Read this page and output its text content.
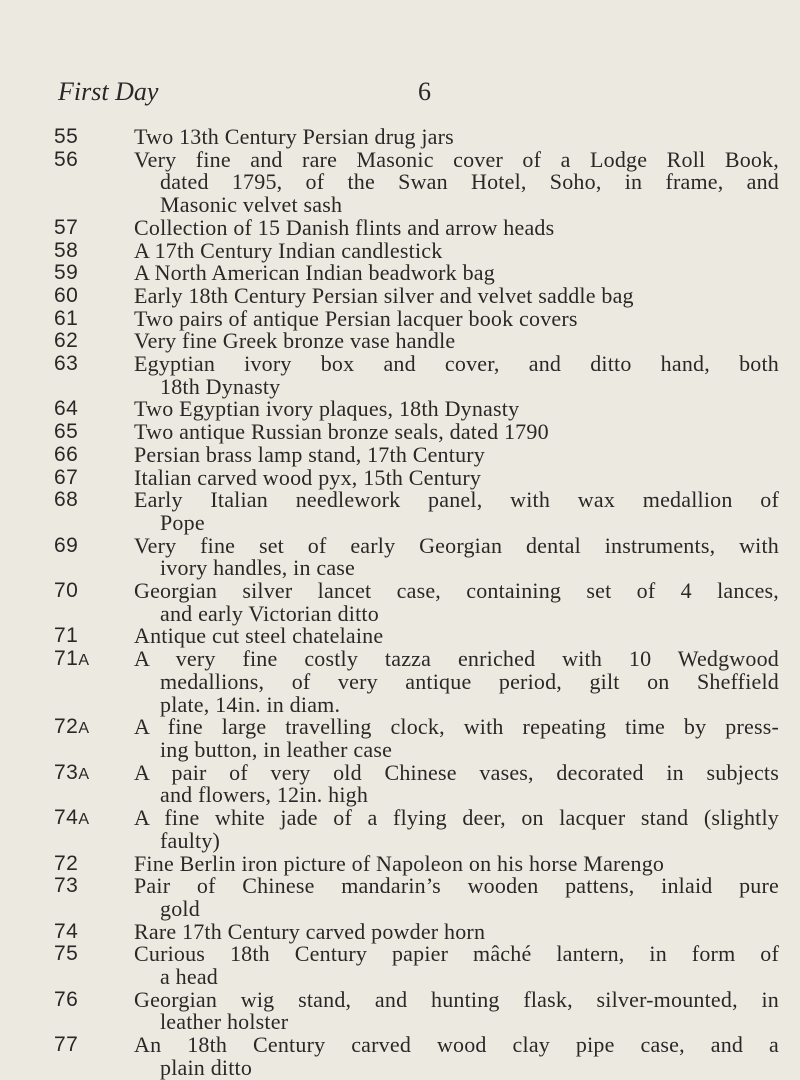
First Day	6
55	Two 13th Century Persian drug jars
56	Very fine and rare Masonic cover of a Lodge Roll Book,
dated 1795, of the Swan Hotel, Soho, in frame, and
Masonic velvet sash
57	Collection of 15 Danish flints and arrow heads
58	A 17th Century Indian candlestick
59	A North American Indian beadwork bag
60	Early 18th Century Persian silver and velvet saddle bag
61	Two pairs of antique Persian lacquer book covers
62	Very fine Greek bronze vase handle
63	Egyptian ivory box and cover, and ditto hand, both
18th Dynasty
64	Two Egyptian ivory plaques, 18th Dynasty
65	Two antique Russian bronze seals, dated 1790
66	Persian brass lamp stand, 17th Century
67	Italian carved wood pyx, 15th Century
68	Early Italian needlework panel, with wax medallion of
Pope
69	Very fine set of early Georgian dental instruments, with
ivory handles, in case
70	Georgian silver lancet case, containing set of 4 lances,
and early Victorian ditto
71	Antique cut steel chatelaine
71A	A very fine costly tazza enriched with 10 Wedgwood
medallions, of very antique period, gilt on Sheffield
plate, 14in. in diam.
72A	A fine large travelling clock, with repeating time by press-
ing button, in leather case
73A	A pair of very old Chinese vases, decorated in subjects
and flowers, 12in. high
74A	A fine white jade of a flying deer, on lacquer stand (slightly
faulty)
72	Fine Berlin iron picture of Napoleon on his horse Marengo
73	Pair of Chinese mandarin’s wooden pattens, inlaid pure
gold
74	Rare 17th Century carved powder horn
75	Curious 18th Century papier mâché lantern, in form of
a head
76	Georgian wig stand, and hunting flask, silver-mounted, in
leather holster
77	An 18th Century carved wood clay pipe case, and a
plain ditto
